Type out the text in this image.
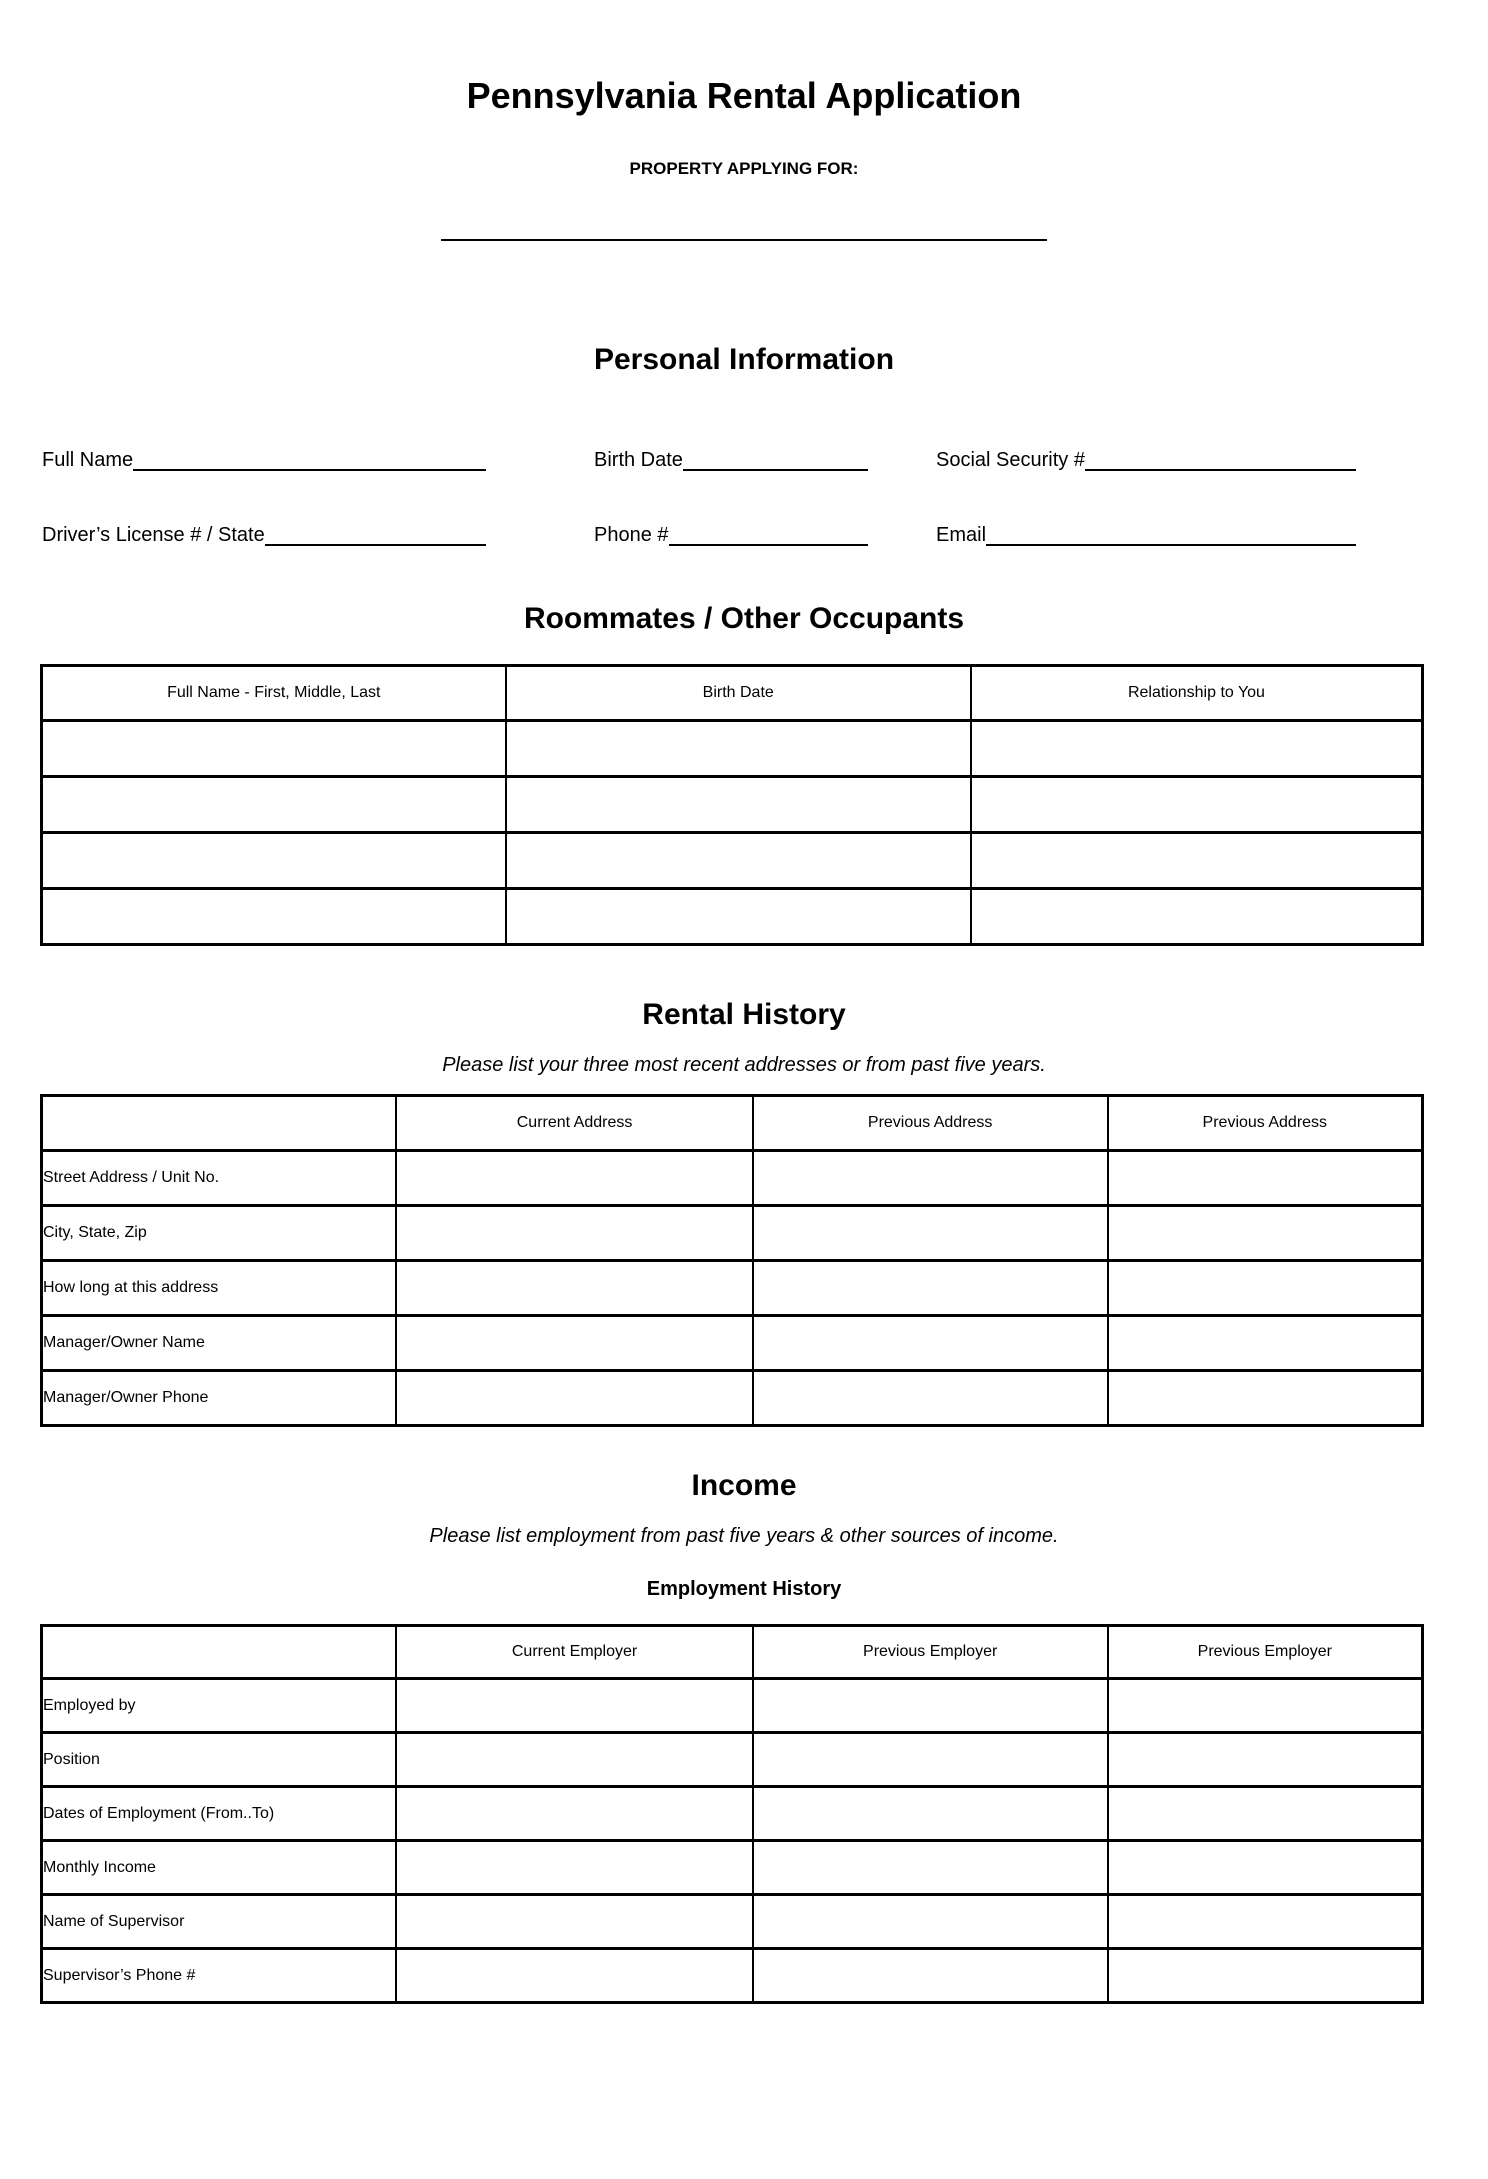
Pennsylvania Rental Application
PROPERTY APPLYING FOR:
Personal Information
Full Name	Birth Date	Social Security #
Driver’s License # / State	Phone #	Email
Roommates / Other Occupants
Full Name - First, Middle, Last	Birth Date	Relationship to You

Rental History
Please list your three most recent addresses or from past five years.
	Current Address	Previous Address	Previous Address
Street Address / Unit No.			
City, State, Zip			
How long at this address			
Manager/Owner Name			
Manager/Owner Phone			
Income
Please list employment from past five years & other sources of income.
Employment History
	Current Employer	Previous Employer	Previous Employer
Employed by			
Position			
Dates of Employment (From..To)			
Monthly Income			
Name of Supervisor			
Supervisor’s Phone #			
